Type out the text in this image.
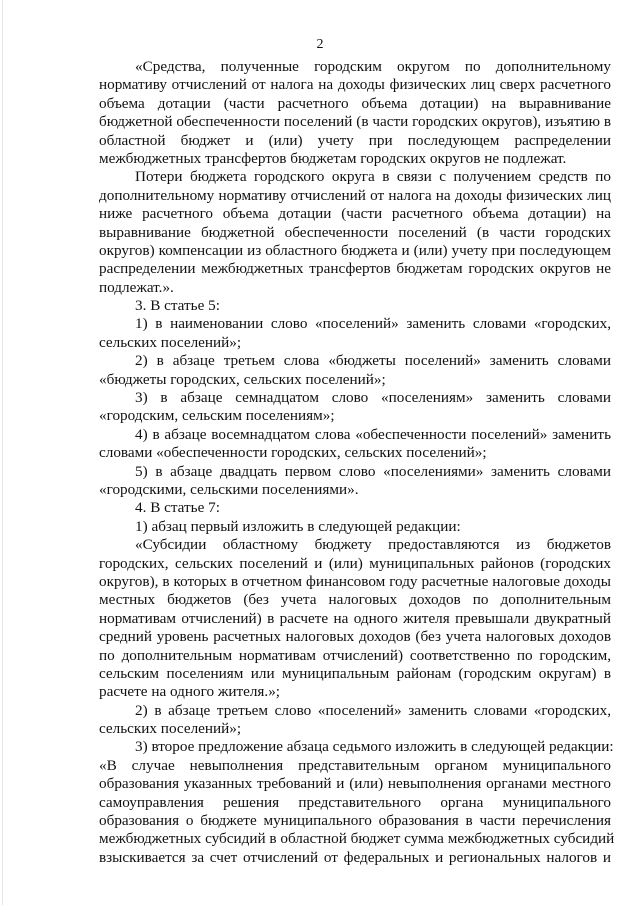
2
«Средства, полученные городским округом по дополнительному
нормативу отчислений от налога на доходы физических лиц сверх расчетного
объема дотации (части расчетного объема дотации) на выравнивание
бюджетной обеспеченности поселений (в части городских округов), изъятию в
областной бюджет и (или) учету при последующем распределении
межбюджетных трансфертов бюджетам городских округов не подлежат.
Потери бюджета городского округа в связи с получением средств по
дополнительному нормативу отчислений от налога на доходы физических лиц
ниже расчетного объема дотации (части расчетного объема дотации) на
выравнивание бюджетной обеспеченности поселений (в части городских
округов) компенсации из областного бюджета и (или) учету при последующем
распределении межбюджетных трансфертов бюджетам городских округов не
подлежат.».
3. В статье 5:
1) в наименовании слово «поселений» заменить словами «городских,
сельских поселений»;
2) в абзаце третьем слова «бюджеты поселений» заменить словами
«бюджеты городских, сельских поселений»;
3) в абзаце семнадцатом слово «поселениям» заменить словами
«городским, сельским поселениям»;
4) в абзаце восемнадцатом слова «обеспеченности поселений» заменить
словами «обеспеченности городских, сельских поселений»;
5) в абзаце двадцать первом слово «поселениями» заменить словами
«городскими, сельскими поселениями».
4. В статье 7:
1) абзац первый изложить в следующей редакции:
«Субсидии областному бюджету предоставляются из бюджетов
городских, сельских поселений и (или) муниципальных районов (городских
округов), в которых в отчетном финансовом году расчетные налоговые доходы
местных бюджетов (без учета налоговых доходов по дополнительным
нормативам отчислений) в расчете на одного жителя превышали двукратный
средний уровень расчетных налоговых доходов (без учета налоговых доходов
по дополнительным нормативам отчислений) соответственно по городским,
сельским поселениям или муниципальным районам (городским округам) в
расчете на одного жителя.»;
2) в абзаце третьем слово «поселений» заменить словами «городских,
сельских поселений»;
3) второе предложение абзаца седьмого изложить в следующей редакции:
«В случае невыполнения представительным органом муниципального
образования указанных требований и (или) невыполнения органами местного
самоуправления решения представительного органа муниципального
образования о бюджете муниципального образования в части перечисления
межбюджетных субсидий в областной бюджет сумма межбюджетных субсидий
взыскивается за счет отчислений от федеральных и региональных налогов и
